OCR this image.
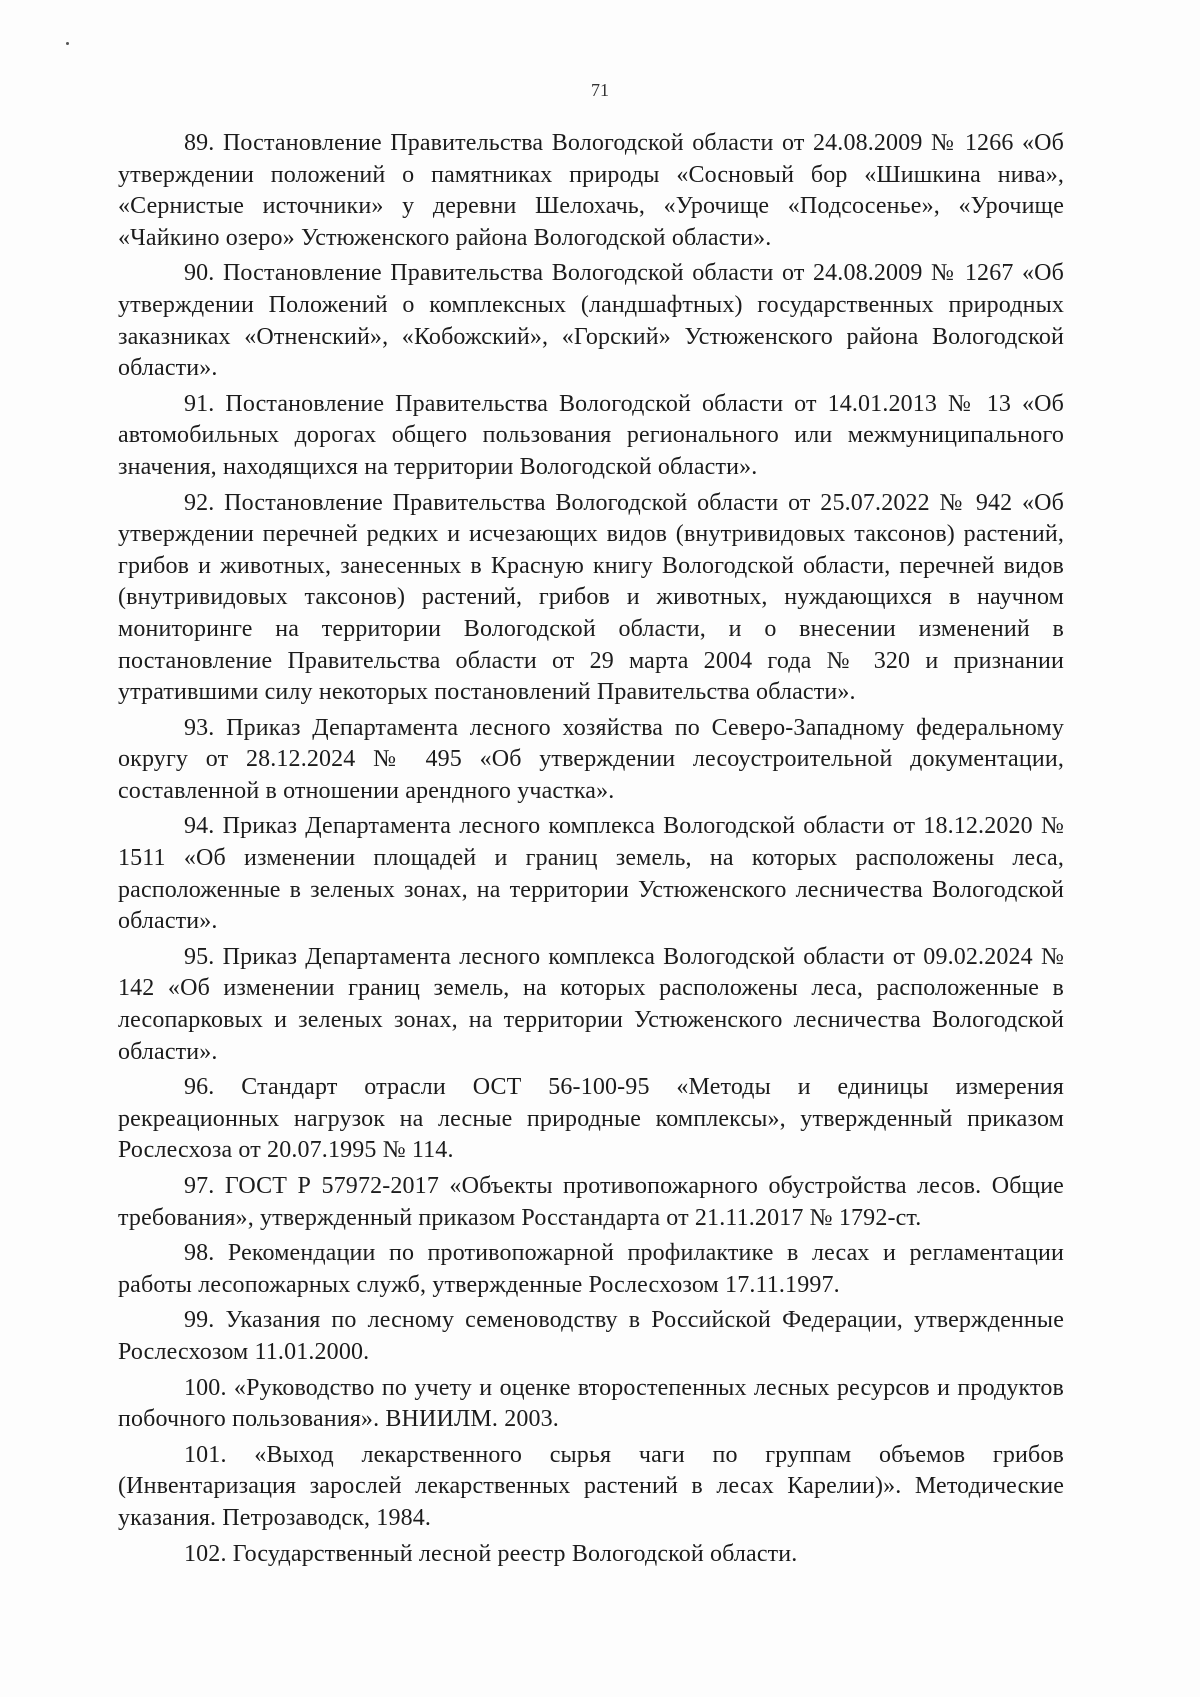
71

89. Постановление Правительства Вологодской области от 24.08.2009 № 1266 «Об утверждении положений о памятниках природы «Сосновый бор «Шишкина нива», «Сернистые источники» у деревни Шелохачь, «Урочище «Подсосенье», «Урочище «Чайкино озеро» Устюженского района Вологодской области».

90. Постановление Правительства Вологодской области от 24.08.2009 № 1267 «Об утверждении Положений о комплексных (ландшафтных) государственных природных заказниках «Отненский», «Кобожский», «Горский» Устюженского района Вологодской области».

91. Постановление Правительства Вологодской области от 14.01.2013 № 13 «Об автомобильных дорогах общего пользования регионального или межмуниципального значения, находящихся на территории Вологодской области».

92. Постановление Правительства Вологодской области от 25.07.2022 № 942 «Об утверждении перечней редких и исчезающих видов (внутривидовых таксонов) растений, грибов и животных, занесенных в Красную книгу Вологодской области, перечней видов (внутривидовых таксонов) растений, грибов и животных, нуждающихся в научном мониторинге на территории Вологодской области, и о внесении изменений в постановление Правительства области от 29 марта 2004 года № 320 и признании утратившими силу некоторых постановлений Правительства области».

93. Приказ Департамента лесного хозяйства по Северо-Западному федеральному округу от 28.12.2024 № 495 «Об утверждении лесоустроительной документации, составленной в отношении арендного участка».

94. Приказ Департамента лесного комплекса Вологодской области от 18.12.2020 № 1511 «Об изменении площадей и границ земель, на которых расположены леса, расположенные в зеленых зонах, на территории Устюженского лесничества Вологодской области».

95. Приказ Департамента лесного комплекса Вологодской области от 09.02.2024 № 142 «Об изменении границ земель, на которых расположены леса, расположенные в лесопарковых и зеленых зонах, на территории Устюженского лесничества Вологодской области».

96. Стандарт отрасли ОСТ 56-100-95 «Методы и единицы измерения рекреационных нагрузок на лесные природные комплексы», утвержденный приказом Рослесхоза от 20.07.1995 № 114.

97. ГОСТ Р 57972-2017 «Объекты противопожарного обустройства лесов. Общие требования», утвержденный приказом Росстандарта от 21.11.2017 № 1792-ст.

98. Рекомендации по противопожарной профилактике в лесах и регламентации работы лесопожарных служб, утвержденные Рослесхозом 17.11.1997.

99. Указания по лесному семеноводству в Российской Федерации, утвержденные Рослесхозом 11.01.2000.

100. «Руководство по учету и оценке второстепенных лесных ресурсов и продуктов побочного пользования». ВНИИЛМ. 2003.

101. «Выход лекарственного сырья чаги по группам объемов грибов (Инвентаризация зарослей лекарственных растений в лесах Карелии)». Методические указания. Петрозаводск, 1984.

102. Государственный лесной реестр Вологодской области.
